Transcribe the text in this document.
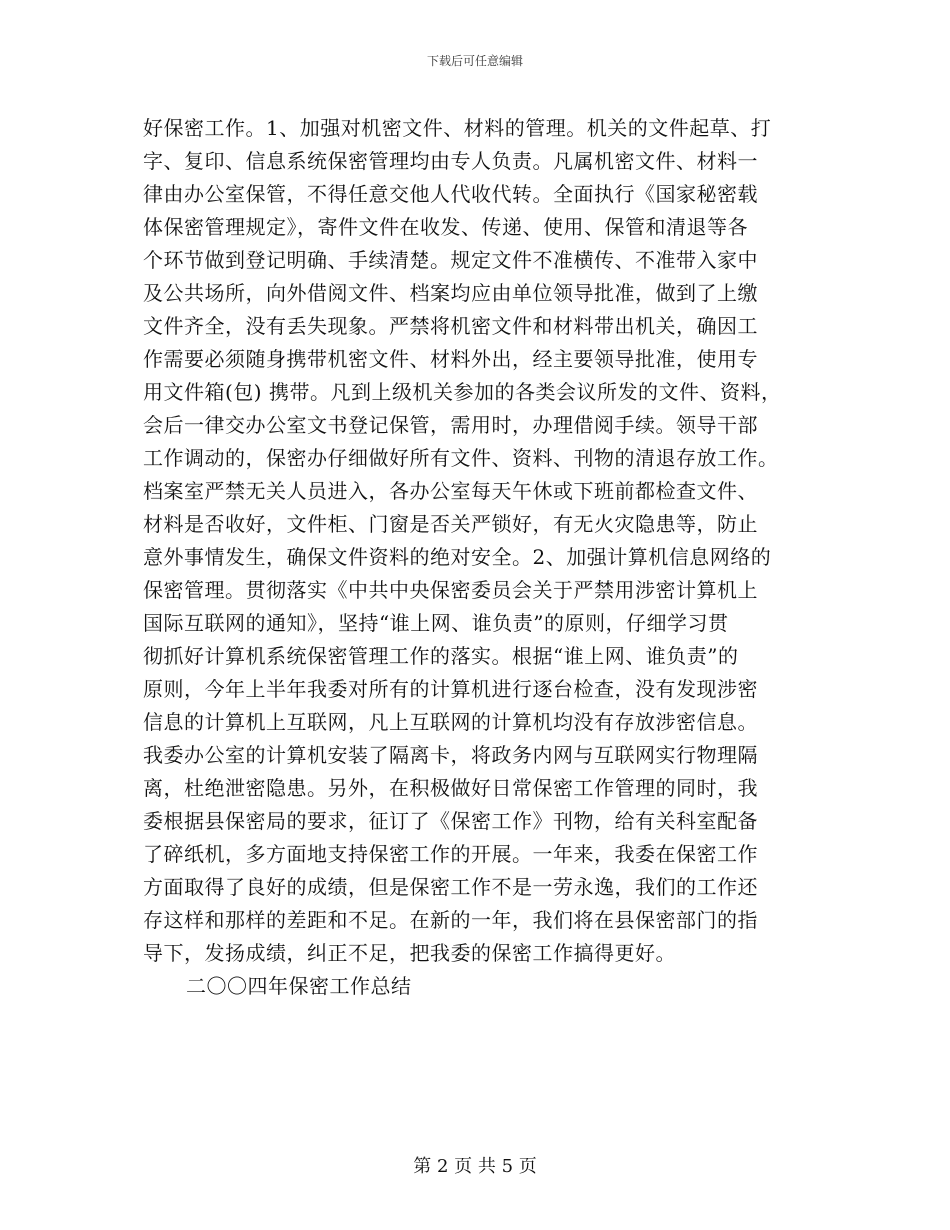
下载后可任意编辑
好保密工作。1、加强对机密文件、材料的管理。机关的文件起草、打
字、复印、信息系统保密管理均由专人负责。凡属机密文件、材料一
律由办公室保管，不得任意交他人代收代转。全面执行《国家秘密载
体保密管理规定》，寄件文件在收发、传递、使用、保管和清退等各
个环节做到登记明确、手续清楚。规定文件不准横传、不准带入家中
及公共场所，向外借阅文件、档案均应由单位领导批准，做到了上缴
文件齐全，没有丢失现象。严禁将机密文件和材料带出机关，确因工
作需要必须随身携带机密文件、材料外出，经主要领导批准，使用专
用文件箱(包) 携带。凡到上级机关参加的各类会议所发的文件、资料，
会后一律交办公室文书登记保管，需用时，办理借阅手续。领导干部
工作调动的，保密办仔细做好所有文件、资料、刊物的清退存放工作。
档案室严禁无关人员进入，各办公室每天午休或下班前都检查文件、
材料是否收好，文件柜、门窗是否关严锁好，有无火灾隐患等，防止
意外事情发生，确保文件资料的绝对安全。2、加强计算机信息网络的
保密管理。贯彻落实《中共中央保密委员会关于严禁用涉密计算机上
国际互联网的通知》，坚持“谁上网、谁负责”的原则，仔细学习贯
彻抓好计算机系统保密管理工作的落实。根据“谁上网、谁负责”的
原则，今年上半年我委对所有的计算机进行逐台检查，没有发现涉密
信息的计算机上互联网，凡上互联网的计算机均没有存放涉密信息。
我委办公室的计算机安装了隔离卡，将政务内网与互联网实行物理隔
离，杜绝泄密隐患。另外，在积极做好日常保密工作管理的同时，我
委根据县保密局的要求，征订了《保密工作》刊物，给有关科室配备
了碎纸机，多方面地支持保密工作的开展。一年来，我委在保密工作
方面取得了良好的成绩，但是保密工作不是一劳永逸，我们的工作还
存这样和那样的差距和不足。在新的一年，我们将在县保密部门的指
导下，发扬成绩，纠正不足，把我委的保密工作搞得更好。
二〇〇四年保密工作总结
第 2 页 共 5 页
